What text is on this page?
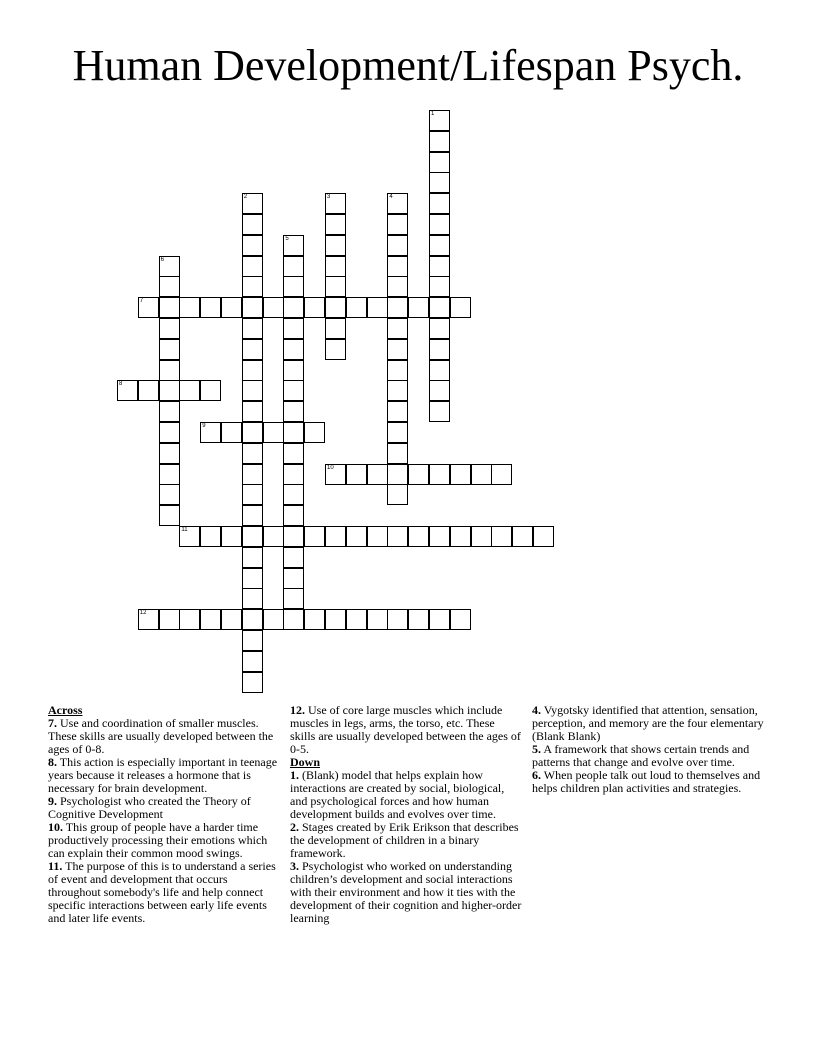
Human Development/Lifespan Psych.
1
2	3	4
5
6
7
8
9
10
11
12
Across
7. Use and coordination of smaller muscles. These skills are usually developed between the ages of 0-8.
8. This action is especially important in teenage years because it releases a hormone that is necessary for brain development.
9. Psychologist who created the Theory of Cognitive Development
10. This group of people have a harder time productively processing their emotions which can explain their common mood swings.
11. The purpose of this is to understand a series of event and development that occurs throughout somebody's life and help connect specific interactions between early life events and later life events.
12. Use of core large muscles which include muscles in legs, arms, the torso, etc. These skills are usually developed between the ages of 0-5.
Down
1. (Blank) model that helps explain how interactions are created by social, biological, and psychological forces and how human development builds and evolves over time.
2. Stages created by Erik Erikson that describes the development of children in a binary framework.
3. Psychologist who worked on understanding children’s development and social interactions with their environment and how it ties with the development of their cognition and higher-order learning
4. Vygotsky identified that attention, sensation, perception, and memory are the four elementary (Blank Blank)
5. A framework that shows certain trends and patterns that change and evolve over time.
6. When people talk out loud to themselves and helps children plan activities and strategies.
